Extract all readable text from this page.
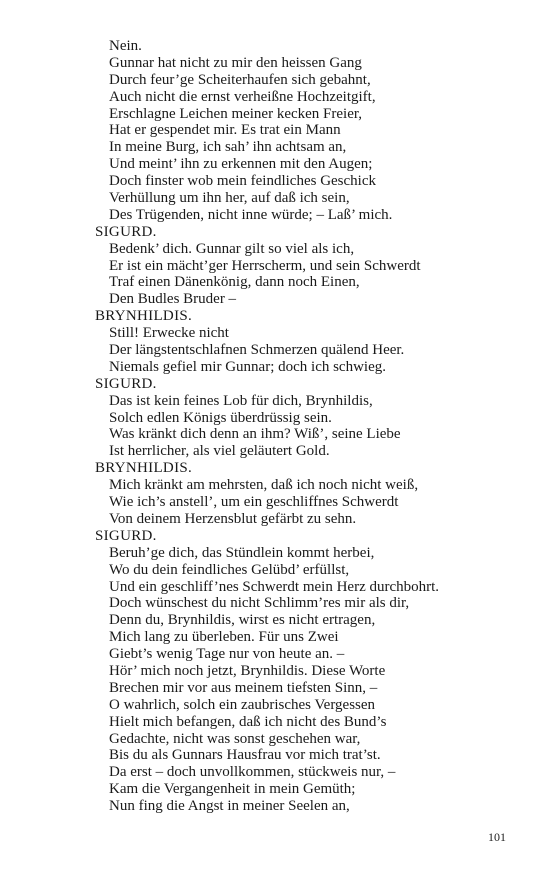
Nein.
Gunnar hat nicht zu mir den heissen Gang
Durch feur’ge Scheiterhaufen sich gebahnt,
Auch nicht die ernst verheißne Hochzeitgift,
Erschlagne Leichen meiner kecken Freier,
Hat er gespendet mir. Es trat ein Mann
In meine Burg, ich sah’ ihn achtsam an,
Und meint’ ihn zu erkennen mit den Augen;
Doch finster wob mein feindliches Geschick
Verhüllung um ihn her, auf daß ich sein,
Des Trügenden, nicht inne würde; – Laß’ mich.
SIGURD.
Bedenk’ dich. Gunnar gilt so viel als ich,
Er ist ein mächt’ger Herrscherm, und sein Schwerdt
Traf einen Dänenkönig, dann noch Einen,
Den Budles Bruder –
BRYNHILDIS.
Still! Erwecke nicht
Der längstentschlafnen Schmerzen quälend Heer.
Niemals gefiel mir Gunnar; doch ich schwieg.
SIGURD.
Das ist kein feines Lob für dich, Brynhildis,
Solch edlen Königs überdrüssig sein.
Was kränkt dich denn an ihm? Wiß’, seine Liebe
Ist herrlicher, als viel geläutert Gold.
BRYNHILDIS.
Mich kränkt am mehrsten, daß ich noch nicht weiß,
Wie ich’s anstell’, um ein geschliffnes Schwerdt
Von deinem Herzensblut gefärbt zu sehn.
SIGURD.
Beruh’ge dich, das Stündlein kommt herbei,
Wo du dein feindliches Gelübd’ erfüllst,
Und ein geschliff’nes Schwerdt mein Herz durchbohrt.
Doch wünschest du nicht Schlimm’res mir als dir,
Denn du, Brynhildis, wirst es nicht ertragen,
Mich lang zu überleben. Für uns Zwei
Giebt’s wenig Tage nur von heute an. –
Hör’ mich noch jetzt, Brynhildis. Diese Worte
Brechen mir vor aus meinem tiefsten Sinn, –
O wahrlich, solch ein zaubrisches Vergessen
Hielt mich befangen, daß ich nicht des Bund’s
Gedachte, nicht was sonst geschehen war,
Bis du als Gunnars Hausfrau vor mich trat’st.
Da erst – doch unvollkommen, stückweis nur, –
Kam die Vergangenheit in mein Gemüth;
Nun fing die Angst in meiner Seelen an,
101
